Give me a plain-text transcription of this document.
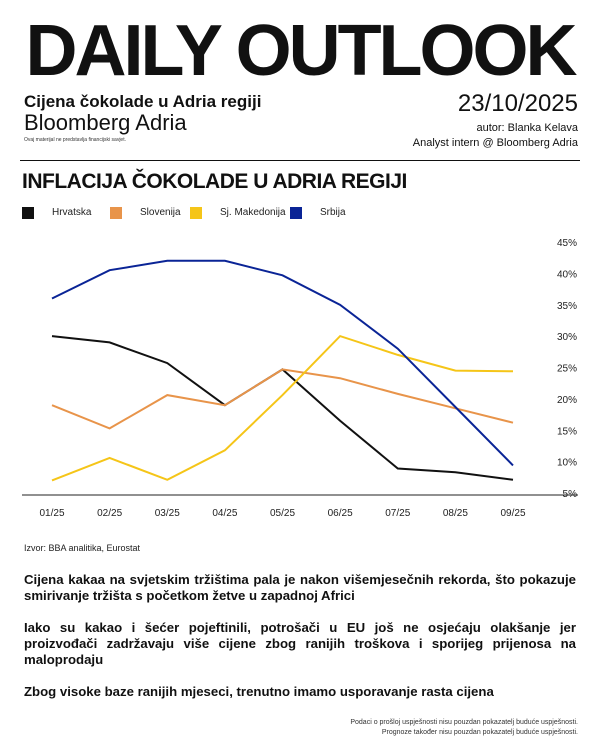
DAILY OUTLOOK
Cijena čokolade u Adria regiji
Bloomberg Adria
Ovaj materijal ne predstavlja financijski savjet.
23/10/2025
autor: Blanka Kelava
Analyst intern @ Bloomberg Adria
INFLACIJA ČOKOLADE U ADRIA REGIJI
Hrvatska	Slovenija	Sj. Makedonija	Srbija
45%
40%
35%
30%
25%
20%
15%
10%
5%
01/25	02/25	03/25	04/25	05/25	06/25	07/25	08/25	09/25
Izvor: BBA analitika, Eurostat
Cijena kakaa na svjetskim tržištima pala je nakon višemjesečnih rekorda, što pokazuje smirivanje tržišta s početkom žetve u zapadnoj Africi
Iako su kakao i šećer pojeftinili, potrošači u EU još ne osjećaju olakšanje jer proizvođači zadržavaju više cijene zbog ranijih troškova i sporijeg prijenosa na maloprodaju
Zbog visoke baze ranijih mjeseci, trenutno imamo usporavanje rasta cijena
Podaci o prošloj uspješnosti nisu pouzdan pokazatelj buduće uspješnosti.
Prognoze također nisu pouzdan pokazatelj buduće uspješnosti.
